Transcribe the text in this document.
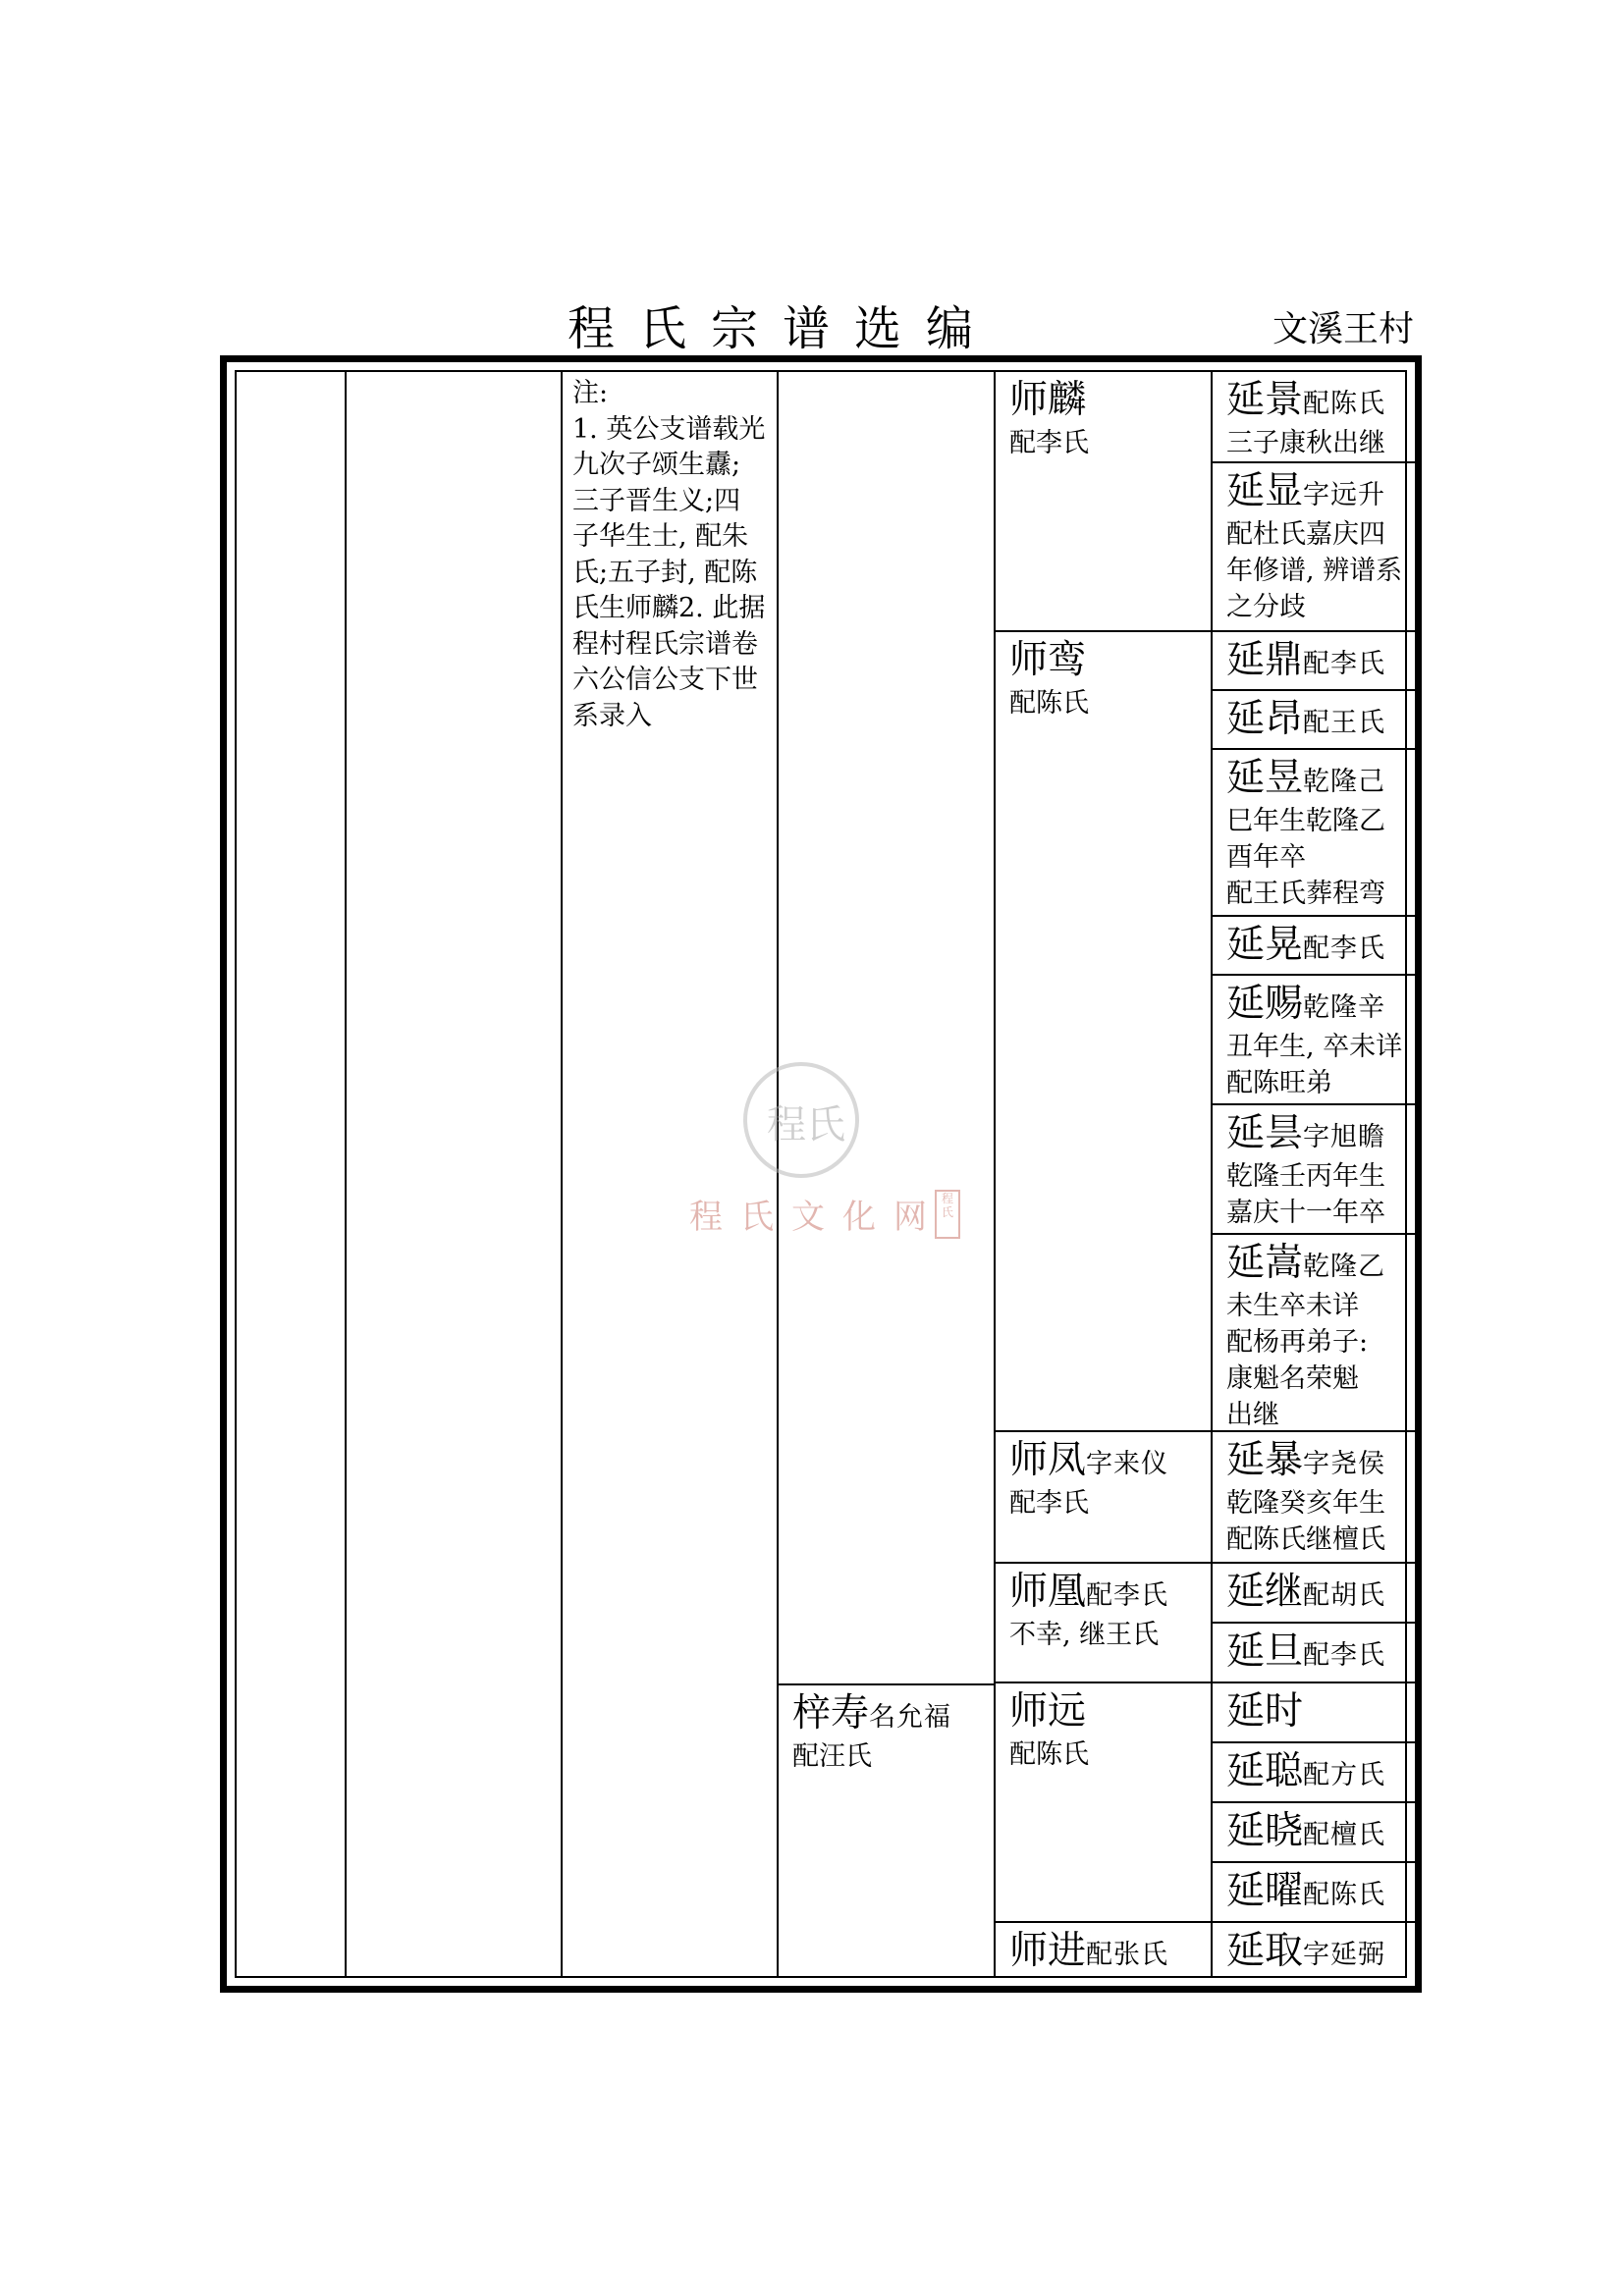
程氏宗谱选编	文溪王村
注:
1. 英公支谱载光
九次子颂生纛;
三子晋生义;四
子华生士, 配朱
氏;五子封, 配陈
氏生师麟2. 此据
程村程氏宗谱卷
六公信公支下世
系录入
梓寿名允福
配汪氏
师麟
配李氏
师鸾
配陈氏
师凤字来仪
配李氏
师凰配李氏
不幸, 继王氏
师远
配陈氏
师进配张氏
延景配陈氏
三子康秋出继
延显字远升
配杜氏嘉庆四
年修谱, 辨谱系
之分歧
延鼎配李氏
延昂配王氏
延昱乾隆己
巳年生乾隆乙
酉年卒
配王氏葬程弯
延晃配李氏
延赐乾隆辛
丑年生, 卒未详
配陈旺弟
延昙字旭瞻
乾隆壬丙年生
嘉庆十一年卒
延嵩乾隆乙
未生卒未详
配杨再弟子:
康魁名荣魁
出继
延暴字尧侯
乾隆癸亥年生
配陈氏继檀氏
延继配胡氏
延旦配李氏
延时
延聪配方氏
延晓配檀氏
延曜配陈氏
延取字延弼
程氏
程氏文化网
程氏
